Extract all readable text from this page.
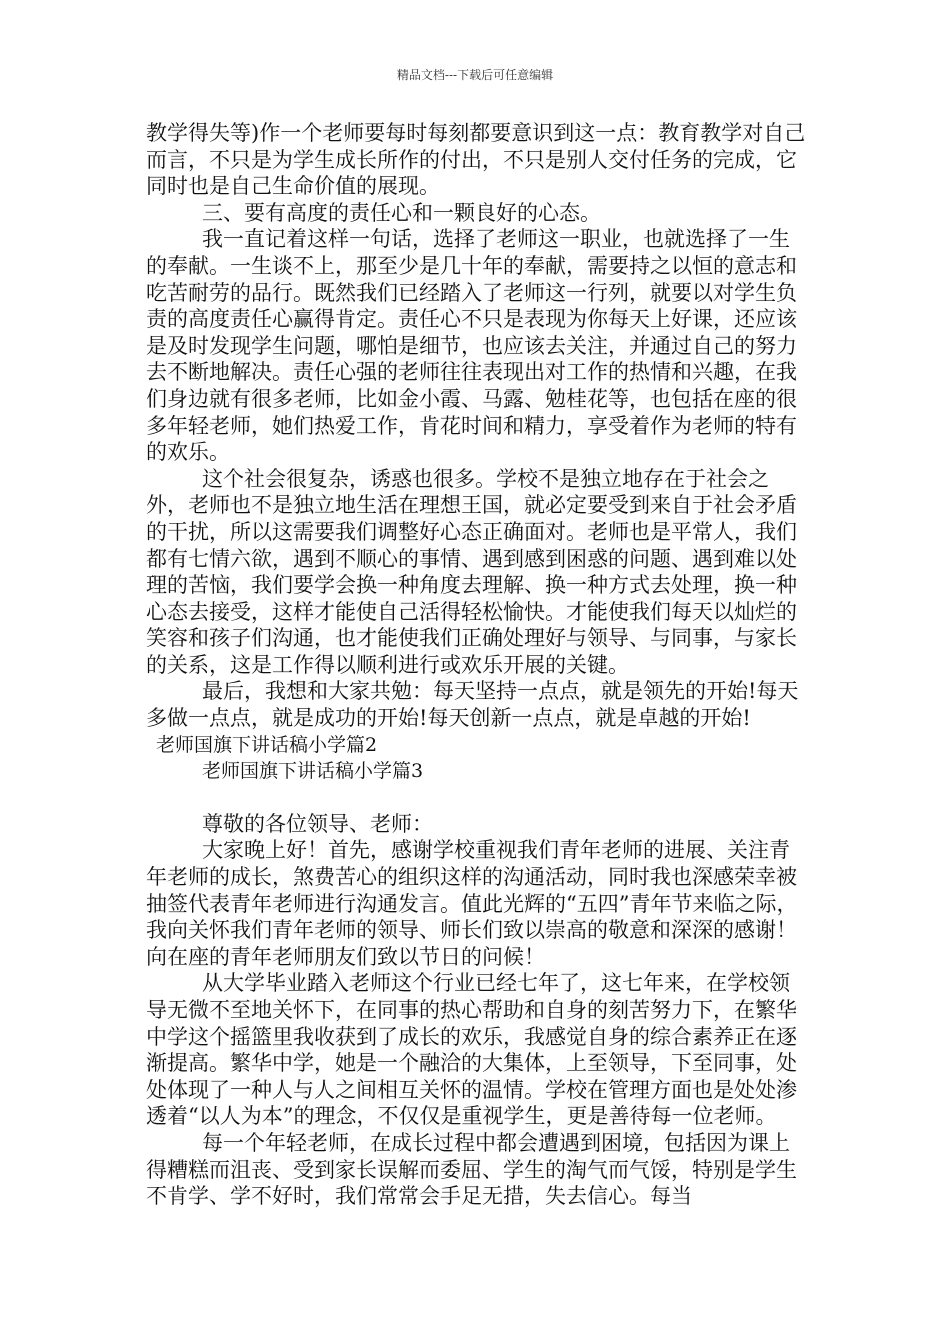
精品文档---下载后可任意编辑

教学得失等)作一个老师要每时每刻都要意识到这一点：教育教学对自己而言，不只是为学生成长所作的付出，不只是别人交付任务的完成，它同时也是自己生命价值的展现。

三、要有高度的责任心和一颗良好的心态。

我一直记着这样一句话，选择了老师这一职业，也就选择了一生的奉献。一生谈不上，那至少是几十年的奉献，需要持之以恒的意志和吃苦耐劳的品行。既然我们已经踏入了老师这一行列，就要以对学生负责的高度责任心赢得肯定。责任心不只是表现为你每天上好课，还应该是及时发现学生问题，哪怕是细节，也应该去关注，并通过自己的努力去不断地解决。责任心强的老师往往表现出对工作的热情和兴趣，在我们身边就有很多老师，比如金小霞、马露、勉桂花等，也包括在座的很多年轻老师，她们热爱工作，肯花时间和精力，享受着作为老师的特有的欢乐。

这个社会很复杂，诱惑也很多。学校不是独立地存在于社会之外，老师也不是独立地生活在理想王国，就必定要受到来自于社会矛盾的干扰，所以这需要我们调整好心态正确面对。老师也是平常人，我们都有七情六欲，遇到不顺心的事情、遇到感到困惑的问题、遇到难以处理的苦恼，我们要学会换一种角度去理解、换一种方式去处理，换一种心态去接受，这样才能使自己活得轻松愉快。才能使我们每天以灿烂的笑容和孩子们沟通，也才能使我们正确处理好与领导、与同事，与家长的关系，这是工作得以顺利进行或欢乐开展的关键。

最后，我想和大家共勉：每天坚持一点点，就是领先的开始!每天多做一点点，就是成功的开始!每天创新一点点，就是卓越的开始!

老师国旗下讲话稿小学篇2

老师国旗下讲话稿小学篇3

尊敬的各位领导、老师：

大家晚上好！首先，感谢学校重视我们青年老师的进展、关注青年老师的成长，煞费苦心的组织这样的沟通活动，同时我也深感荣幸被抽签代表青年老师进行沟通发言。值此光辉的“五四”青年节来临之际，我向关怀我们青年老师的领导、师长们致以崇高的敬意和深深的感谢！向在座的青年老师朋友们致以节日的问候！

从大学毕业踏入老师这个行业已经七年了，这七年来，在学校领导无微不至地关怀下，在同事的热心帮助和自身的刻苦努力下，在繁华中学这个摇篮里我收获到了成长的欢乐，我感觉自身的综合素养正在逐渐提高。繁华中学，她是一个融洽的大集体，上至领导，下至同事，处处体现了一种人与人之间相互关怀的温情。学校在管理方面也是处处渗透着“以人为本”的理念，不仅仅是重视学生，更是善待每一位老师。

每一个年轻老师，在成长过程中都会遭遇到困境，包括因为课上得糟糕而沮丧、受到家长误解而委屈、学生的淘气而气馁，特别是学生不肯学、学不好时，我们常常会手足无措，失去信心。每当
